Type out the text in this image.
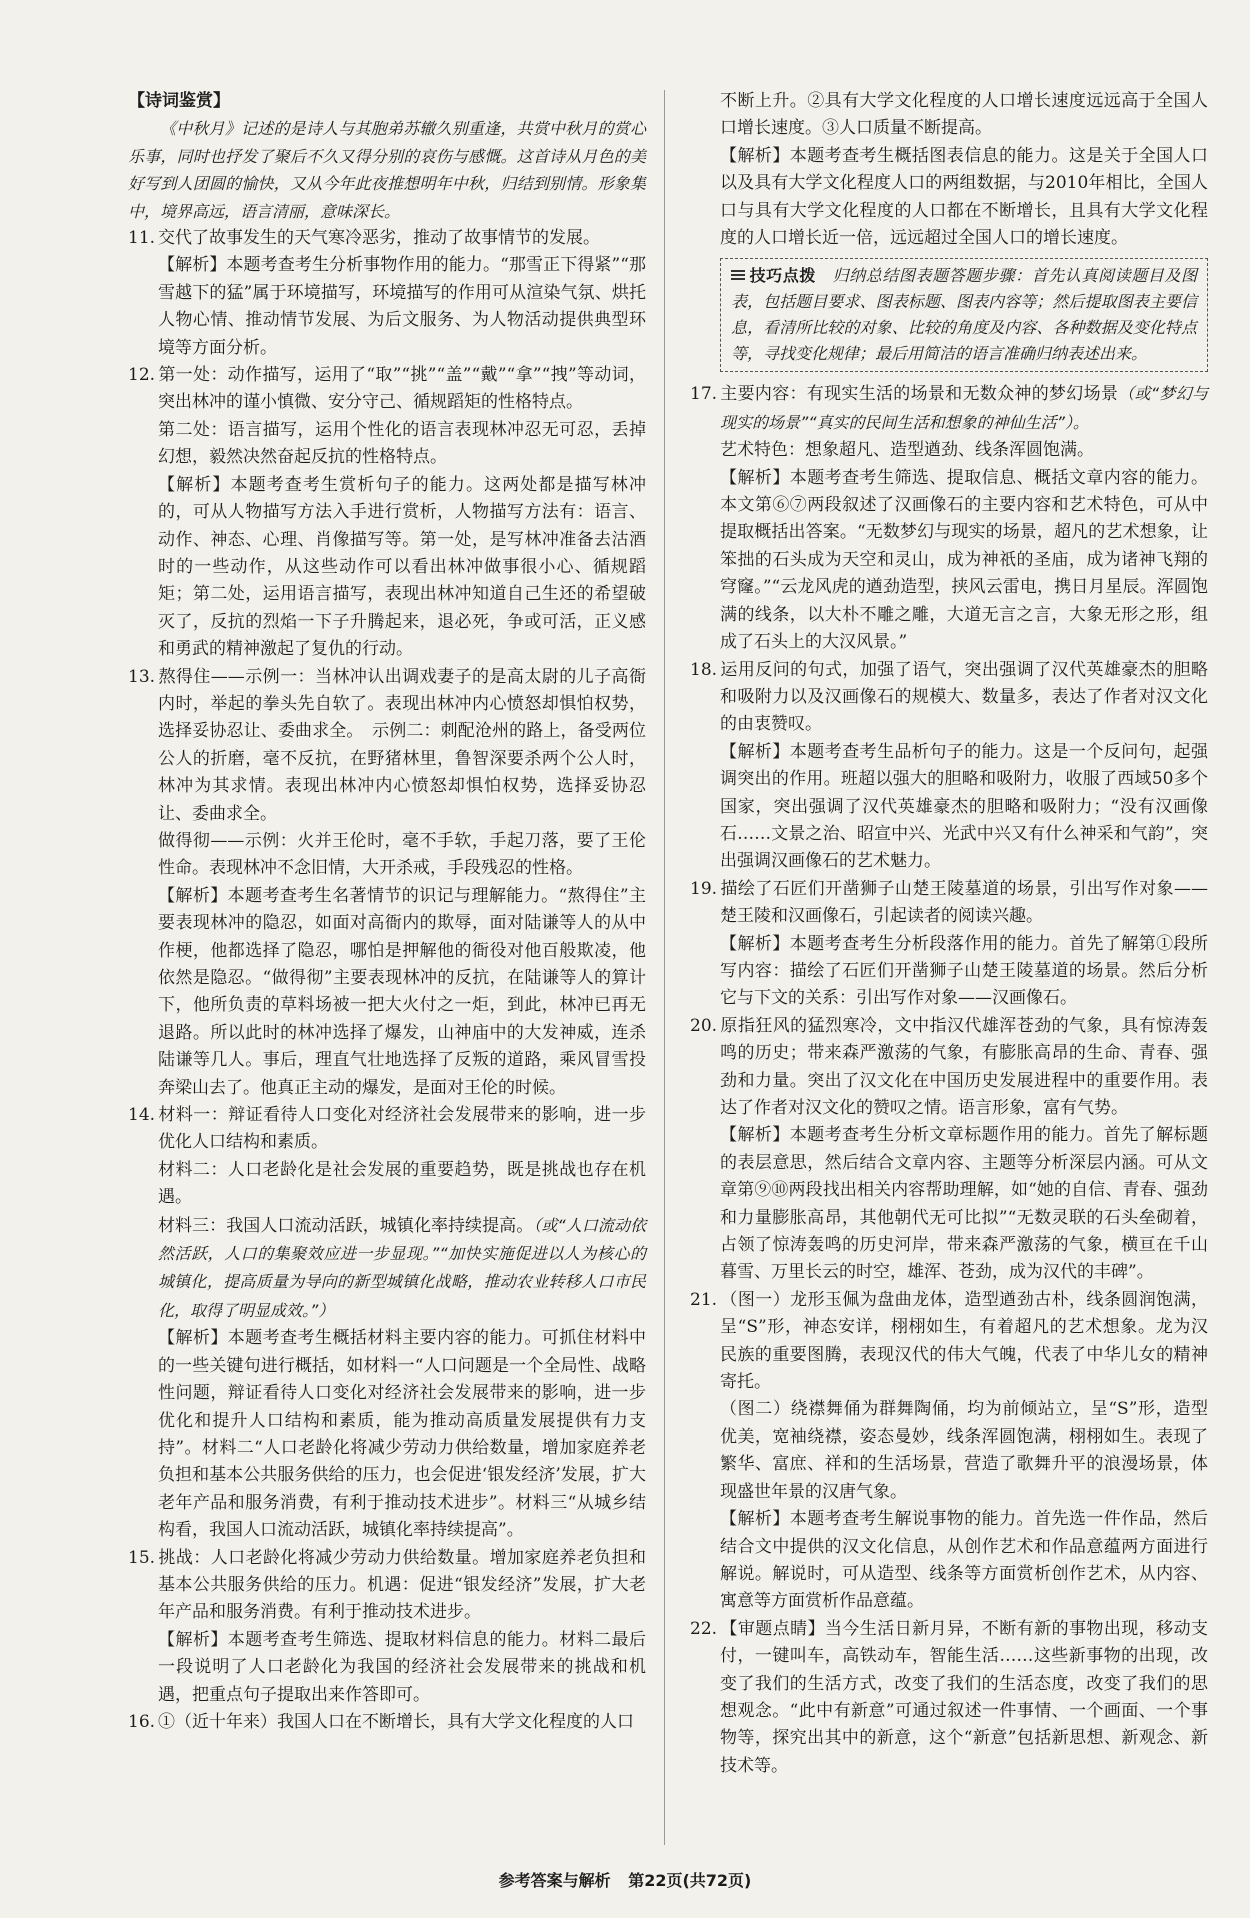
【诗词鉴赏】

《中秋月》记述的是诗人与其胞弟苏辙久别重逢，共赏中秋月的赏心乐事，同时也抒发了聚后不久又得分别的哀伤与感慨。这首诗从月色的美好写到人团圆的愉快，又从今年此夜推想明年中秋，归结到别情。形象集中，境界高远，语言清丽，意味深长。

11. 交代了故事发生的天气寒冷恶劣，推动了故事情节的发展。

【解析】本题考查考生分析事物作用的能力。“那雪正下得紧”“那雪越下的猛”属于环境描写，环境描写的作用可从渲染气氛、烘托人物心情、推动情节发展、为后文服务、为人物活动提供典型环境等方面分析。

12. 第一处：动作描写，运用了“取”“挑”“盖”“戴”“拿”“拽”等动词，突出林冲的谨小慎微、安分守己、循规蹈矩的性格特点。

第二处：语言描写，运用个性化的语言表现林冲忍无可忍，丢掉幻想，毅然决然奋起反抗的性格特点。

【解析】本题考查考生赏析句子的能力。这两处都是描写林冲的，可从人物描写方法入手进行赏析，人物描写方法有：语言、动作、神态、心理、肖像描写等。第一处，是写林冲准备去沽酒时的一些动作，从这些动作可以看出林冲做事很小心、循规蹈矩；第二处，运用语言描写，表现出林冲知道自己生还的希望破灭了，反抗的烈焰一下子升腾起来，退必死，争或可活，正义感和勇武的精神激起了复仇的行动。

13. 熬得住——示例一：当林冲认出调戏妻子的是高太尉的儿子高衙内时，举起的拳头先自软了。表现出林冲内心愤怒却惧怕权势，选择妥协忍让、委曲求全。　示例二：刺配沧州的路上，备受两位公人的折磨，毫不反抗，在野猪林里，鲁智深要杀两个公人时，林冲为其求情。表现出林冲内心愤怒却惧怕权势，选择妥协忍让、委曲求全。

做得彻——示例：火并王伦时，毫不手软，手起刀落，要了王伦性命。表现林冲不念旧情，大开杀戒，手段残忍的性格。

【解析】本题考查考生名著情节的识记与理解能力。“熬得住”主要表现林冲的隐忍，如面对高衙内的欺辱，面对陆谦等人的从中作梗，他都选择了隐忍，哪怕是押解他的衙役对他百般欺凌，他依然是隐忍。“做得彻”主要表现林冲的反抗，在陆谦等人的算计下，他所负责的草料场被一把大火付之一炬，到此，林冲已再无退路。所以此时的林冲选择了爆发，山神庙中的大发神威，连杀陆谦等几人。事后，理直气壮地选择了反叛的道路，乘风冒雪投奔梁山去了。他真正主动的爆发，是面对王伦的时候。

14. 材料一：辩证看待人口变化对经济社会发展带来的影响，进一步优化人口结构和素质。

材料二：人口老龄化是社会发展的重要趋势，既是挑战也存在机遇。

材料三：我国人口流动活跃，城镇化率持续提高。（或“人口流动依然活跃，人口的集聚效应进一步显现。”“加快实施促进以人为核心的城镇化，提高质量为导向的新型城镇化战略，推动农业转移人口市民化，取得了明显成效。”）

【解析】本题考查考生概括材料主要内容的能力。可抓住材料中的一些关键句进行概括，如材料一“人口问题是一个全局性、战略性问题，辩证看待人口变化对经济社会发展带来的影响，进一步优化和提升人口结构和素质，能为推动高质量发展提供有力支持”。材料二“人口老龄化将减少劳动力供给数量，增加家庭养老负担和基本公共服务供给的压力，也会促进‘银发经济’发展，扩大老年产品和服务消费，有利于推动技术进步”。材料三“从城乡结构看，我国人口流动活跃，城镇化率持续提高”。

15. 挑战：人口老龄化将减少劳动力供给数量。增加家庭养老负担和基本公共服务供给的压力。机遇：促进“银发经济”发展，扩大老年产品和服务消费。有利于推动技术进步。

【解析】本题考查考生筛选、提取材料信息的能力。材料二最后一段说明了人口老龄化为我国的经济社会发展带来的挑战和机遇，把重点句子提取出来作答即可。

16. ①（近十年来）我国人口在不断增长，具有大学文化程度的人口

不断上升。②具有大学文化程度的人口增长速度远远高于全国人口增长速度。③人口质量不断提高。

【解析】本题考查考生概括图表信息的能力。这是关于全国人口以及具有大学文化程度人口的两组数据，与2010年相比，全国人口与具有大学文化程度的人口都在不断增长，且具有大学文化程度的人口增长近一倍，远远超过全国人口的增长速度。

技巧点拨　归纳总结图表题答题步骤：首先认真阅读题目及图表，包括题目要求、图表标题、图表内容等；然后提取图表主要信息，看清所比较的对象、比较的角度及内容、各种数据及变化特点等，寻找变化规律；最后用简洁的语言准确归纳表述出来。

17. 主要内容：有现实生活的场景和无数众神的梦幻场景（或“梦幻与现实的场景”“真实的民间生活和想象的神仙生活”）。

艺术特色：想象超凡、造型遒劲、线条浑圆饱满。

【解析】本题考查考生筛选、提取信息、概括文章内容的能力。本文第⑥⑦两段叙述了汉画像石的主要内容和艺术特色，可从中提取概括出答案。“无数梦幻与现实的场景，超凡的艺术想象，让笨拙的石头成为天空和灵山，成为神祇的圣庙，成为诸神飞翔的穹窿。”“云龙风虎的遒劲造型，挟风云雷电，携日月星辰。浑圆饱满的线条，以大朴不雕之雕，大道无言之言，大象无形之形，组成了石头上的大汉风景。”

18. 运用反问的句式，加强了语气，突出强调了汉代英雄豪杰的胆略和吸附力以及汉画像石的规模大、数量多，表达了作者对汉文化的由衷赞叹。

【解析】本题考查考生品析句子的能力。这是一个反问句，起强调突出的作用。班超以强大的胆略和吸附力，收服了西域50多个国家，突出强调了汉代英雄豪杰的胆略和吸附力；“没有汉画像石……文景之治、昭宣中兴、光武中兴又有什么神采和气韵”，突出强调汉画像石的艺术魅力。

19. 描绘了石匠们开凿狮子山楚王陵墓道的场景，引出写作对象——楚王陵和汉画像石，引起读者的阅读兴趣。

【解析】本题考查考生分析段落作用的能力。首先了解第①段所写内容：描绘了石匠们开凿狮子山楚王陵墓道的场景。然后分析它与下文的关系：引出写作对象——汉画像石。

20. 原指狂风的猛烈寒冷，文中指汉代雄浑苍劲的气象，具有惊涛轰鸣的历史；带来森严激荡的气象，有膨胀高昂的生命、青春、强劲和力量。突出了汉文化在中国历史发展进程中的重要作用。表达了作者对汉文化的赞叹之情。语言形象，富有气势。

【解析】本题考查考生分析文章标题作用的能力。首先了解标题的表层意思，然后结合文章内容、主题等分析深层内涵。可从文章第⑨⑩两段找出相关内容帮助理解，如“她的自信、青春、强劲和力量膨胀高昂，其他朝代无可比拟”“无数灵联的石头垒砌着，占领了惊涛轰鸣的历史河岸，带来森严激荡的气象，横亘在千山暮雪、万里长云的时空，雄浑、苍劲，成为汉代的丰碑”。

21. （图一）龙形玉佩为盘曲龙体，造型遒劲古朴，线条圆润饱满，呈“S”形，神态安详，栩栩如生，有着超凡的艺术想象。龙为汉民族的重要图腾，表现汉代的伟大气魄，代表了中华儿女的精神寄托。

（图二）绕襟舞俑为群舞陶俑，均为前倾站立，呈“S”形，造型优美，宽袖绕襟，姿态曼妙，线条浑圆饱满，栩栩如生。表现了繁华、富庶、祥和的生活场景，营造了歌舞升平的浪漫场景，体现盛世年景的汉唐气象。

【解析】本题考查考生解说事物的能力。首先选一件作品，然后结合文中提供的汉文化信息，从创作艺术和作品意蕴两方面进行解说。解说时，可从造型、线条等方面赏析创作艺术，从内容、寓意等方面赏析作品意蕴。

22. 【审题点睛】当今生活日新月异，不断有新的事物出现，移动支付，一键叫车，高铁动车，智能生活……这些新事物的出现，改变了我们的生活方式，改变了我们的生活态度，改变了我们的思想观念。“此中有新意”可通过叙述一件事情、一个画面、一个事物等，探究出其中的新意，这个“新意”包括新思想、新观念、新技术等。

参考答案与解析 第22页(共72页)
